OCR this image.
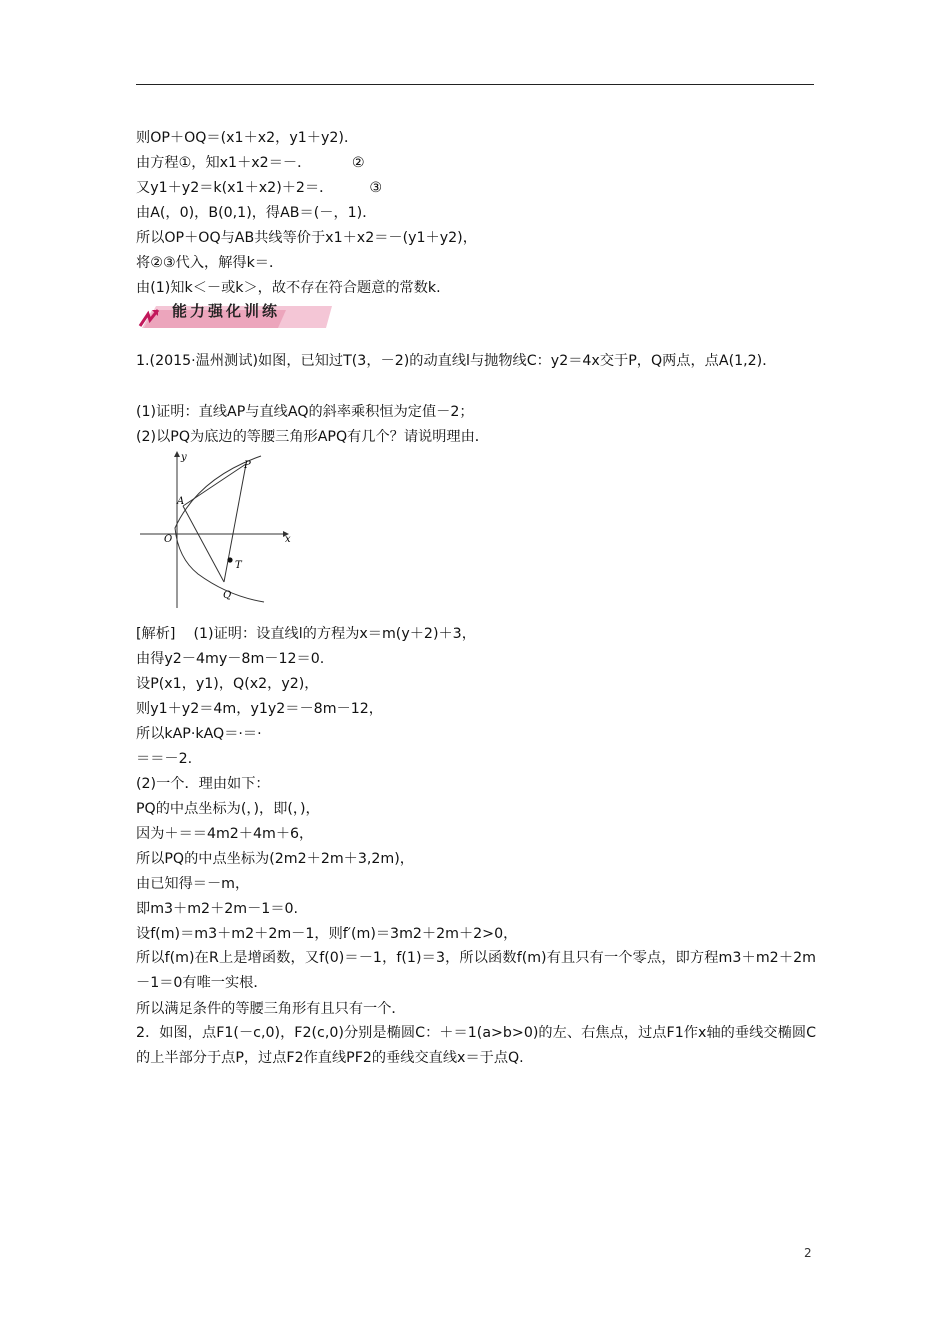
则OP＋OQ＝(x1＋x2，y1＋y2)．
由方程①，知x1＋x2＝－．         ②
又y1＋y2＝k(x1＋x2)＋2＝．        ③
由A(，0)，B(0,1)，得AB＝(－，1)．
所以OP＋OQ与AB共线等价于x1＋x2＝－(y1＋y2)，
将②③代入，解得k＝．
由(1)知k＜－或k＞，故不存在符合题意的常数k.
能力强化训练
1.(2015·温州测试)如图，已知过T(3，－2)的动直线l与抛物线C：y2＝4x交于P，Q两点，点A(1,2)．
(1)证明：直线AP与直线AQ的斜率乘积恒为定值－2；
(2)以PQ为底边的等腰三角形APQ有几个？请说明理由．
y
x
P
A
O
T
Q
[解析]    (1)证明：设直线l的方程为x＝m(y＋2)＋3，
由得y2－4my－8m－12＝0.
设P(x1，y1)，Q(x2，y2)，
则y1＋y2＝4m，y1y2＝－8m－12，
所以kAP·kAQ＝·＝·
＝＝－2.
(2)一个．理由如下：
PQ的中点坐标为(，)，即(，)，
因为＋＝＝4m2＋4m＋6，
所以PQ的中点坐标为(2m2＋2m＋3,2m)，
由已知得＝－m，
即m3＋m2＋2m－1＝0.
设f(m)＝m3＋m2＋2m－1，则f′(m)＝3m2＋2m＋2>0，
所以f(m)在R上是增函数，又f(0)＝－1，f(1)＝3，所以函数f(m)有且只有一个零点，即方程m3＋m2＋2m－1＝0有唯一实根．
所以满足条件的等腰三角形有且只有一个．
2．如图，点F1(－c,0)，F2(c,0)分别是椭圆C：＋＝1(a>b>0)的左、右焦点，过点F1作x轴的垂线交椭圆C的上半部分于点P，过点F2作直线PF2的垂线交直线x＝于点Q.
2
